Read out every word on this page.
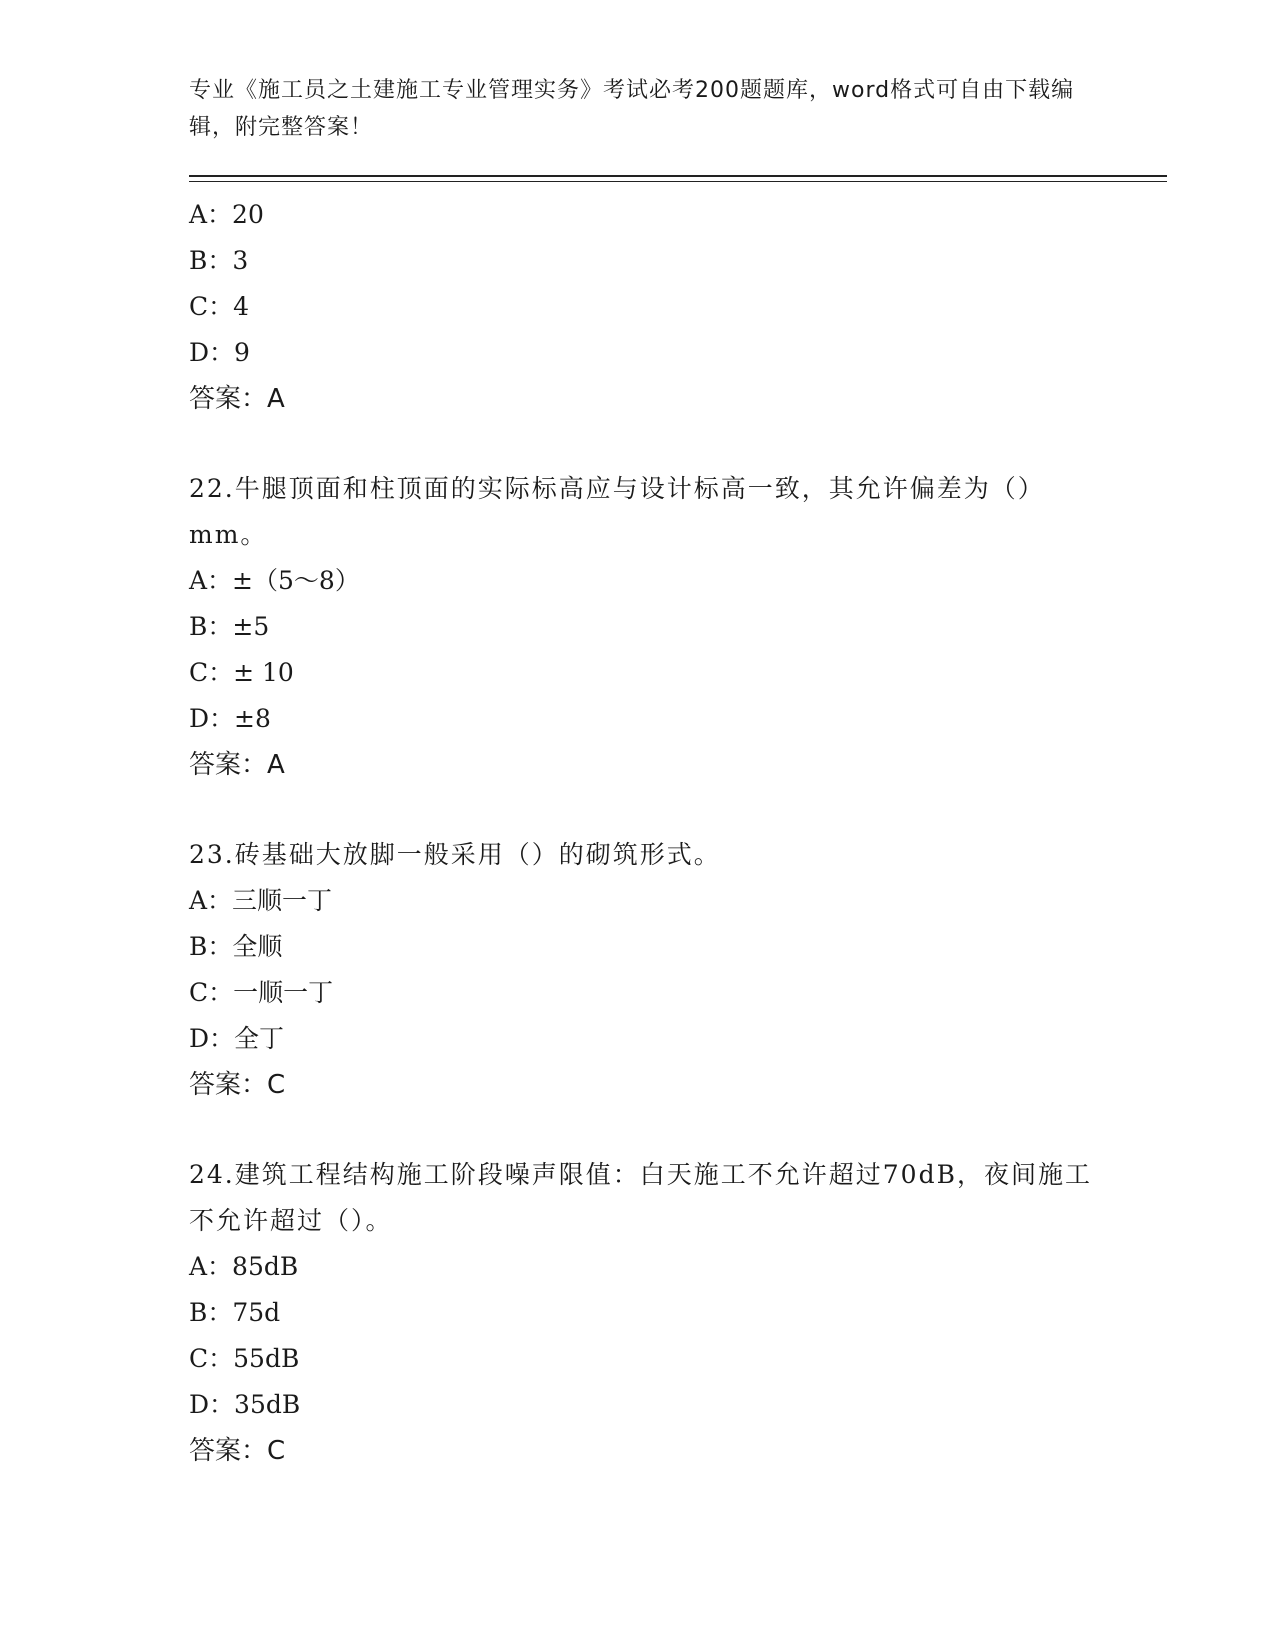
专业《施工员之土建施工专业管理实务》考试必考200题题库，word格式可自由下载编辑，附完整答案！
A：20
B：3
C：4
D：9
答案：A
22.牛腿顶面和柱顶面的实际标高应与设计标高一致，其允许偏差为（）mm。
A：±（5～8）
B：±5
C：± 10
D：±8
答案：A
23.砖基础大放脚一般采用（）的砌筑形式。
A：三顺一丁
B：全顺
C：一顺一丁
D：全丁
答案：C
24.建筑工程结构施工阶段噪声限值：白天施工不允许超过70dB，夜间施工不允许超过（）。
A：85dB
B：75d
C：55dB
D：35dB
答案：C
